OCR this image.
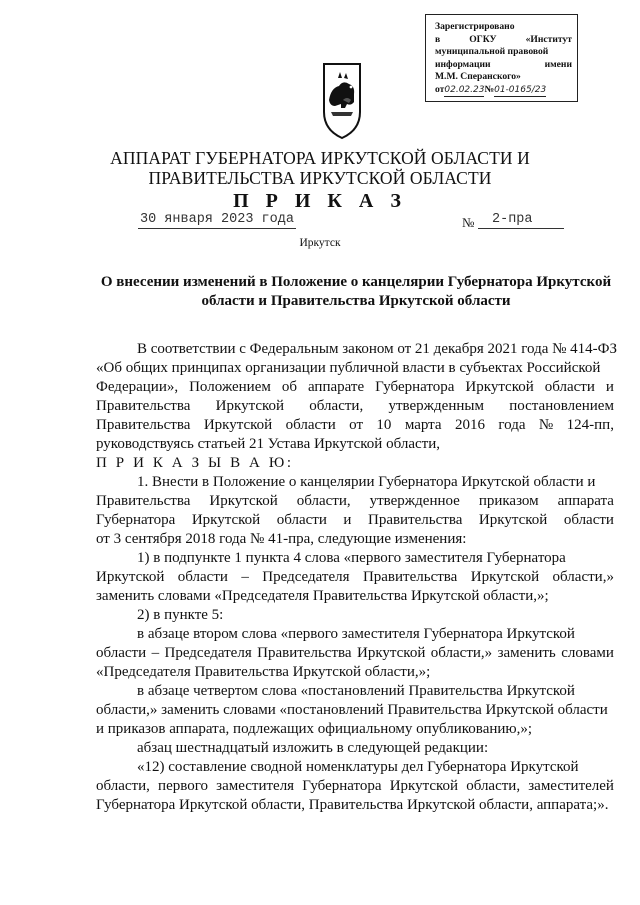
Зарегистрировано
в	ОГКУ	«Институт
муниципальной правовой
информации	имени
М.М. Сперанского»
от 02.02.23 № 01-0165/23
АППАРАТ ГУБЕРНАТОРА ИРКУТСКОЙ ОБЛАСТИ И
ПРАВИТЕЛЬСТВА ИРКУТСКОЙ ОБЛАСТИ
П Р И К А З
30 января 2023 года	№	2-пра
Иркутск
О внесении изменений в Положение о канцелярии Губернатора Иркутской
области и Правительства Иркутской области
В соответствии с Федеральным законом от 21 декабря 2021 года № 414-ФЗ
«Об общих принципах организации публичной власти в субъектах Российской
Федерации», Положением об аппарате Губернатора Иркутской области и
Правительства Иркутской области, утвержденным постановлением
Правительства Иркутской области от 10 марта 2016 года № 124-пп,
руководствуясь статьей 21 Устава Иркутской области,
П Р И К А З Ы В А Ю:
1. Внести в Положение о канцелярии Губернатора Иркутской области и
Правительства Иркутской области, утвержденное приказом аппарата
Губернатора Иркутской области и Правительства Иркутской области
от 3 сентября 2018 года № 41-пра, следующие изменения:
1) в подпункте 1 пункта 4 слова «первого заместителя Губернатора
Иркутской области – Председателя Правительства Иркутской области,»
заменить словами «Председателя Правительства Иркутской области,»;
2) в пункте 5:
в абзаце втором слова «первого заместителя Губернатора Иркутской
области – Председателя Правительства Иркутской области,» заменить словами
«Председателя Правительства Иркутской области,»;
в абзаце четвертом слова «постановлений Правительства Иркутской
области,» заменить словами «постановлений Правительства Иркутской области
и приказов аппарата, подлежащих официальному опубликованию,»;
абзац шестнадцатый изложить в следующей редакции:
«12) составление сводной номенклатуры дел Губернатора Иркутской
области, первого заместителя Губернатора Иркутской области, заместителей
Губернатора Иркутской области, Правительства Иркутской области, аппарата;».
